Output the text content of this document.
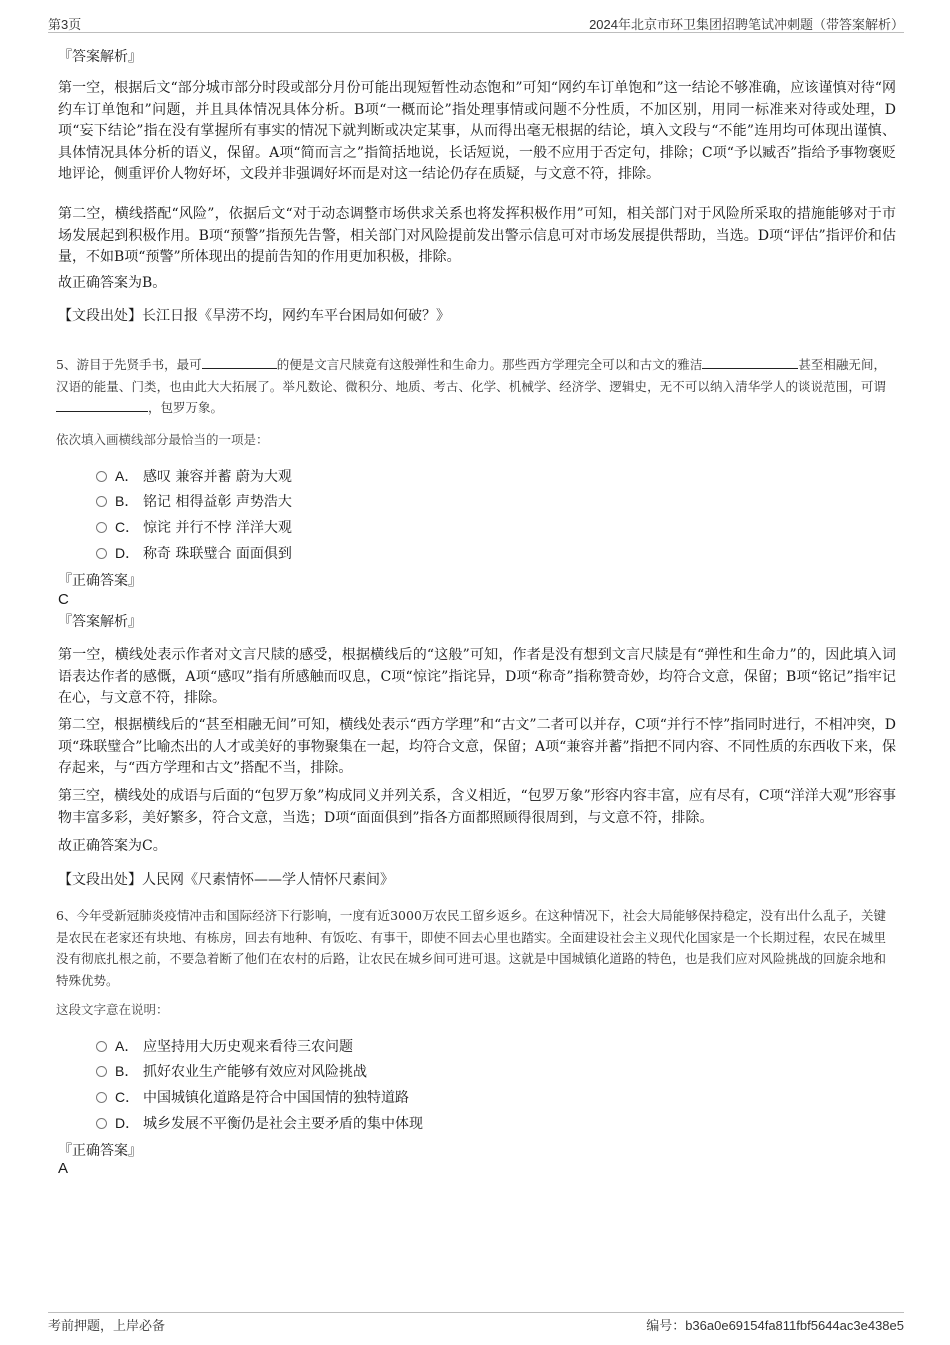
第3页	2024年北京市环卫集团招聘笔试冲刺题（带答案解析）
『答案解析』
第一空，根据后文“部分城市部分时段或部分月份可能出现短暂性动态饱和”可知“网约车订单饱和”这一结论不够准确，应该谨慎对待“网约车订单饱和”问题，并且具体情况具体分析。B项“一概而论”指处理事情或问题不分性质，不加区别，用同一标准来对待或处理，D项“妄下结论”指在没有掌握所有事实的情况下就判断或决定某事，从而得出毫无根据的结论，填入文段与“不能”连用均可体现出谨慎、具体情况具体分析的语义，保留。A项“简而言之”指简括地说，长话短说，一般不应用于否定句，排除；C项“予以臧否”指给予事物褒贬地评论，侧重评价人物好坏，文段并非强调好坏而是对这一结论仍存在质疑，与文意不符，排除。
第二空，横线搭配“风险”，依据后文“对于动态调整市场供求关系也将发挥积极作用”可知，相关部门对于风险所采取的措施能够对于市场发展起到积极作用。B项“预警”指预先告警，相关部门对风险提前发出警示信息可对市场发展提供帮助，当选。D项“评估”指评价和估量，不如B项“预警”所体现出的提前告知的作用更加积极，排除。
故正确答案为B。
【文段出处】长江日报《旱涝不均，网约车平台困局如何破？》
5、游目于先贤手书，最可	的便是文言尺牍竟有这般弹性和生命力。那些西方学理完全可以和古文的雅洁	甚至相融无间，汉语的能量、门类，也由此大大拓展了。举凡数论、微积分、地质、考古、化学、机械学、经济学、逻辑史，无不可以纳入清华学人的谈说范围，可谓，包罗万象。
依次填入画横线部分最恰当的一项是：
A． 感叹 兼容并蓄 蔚为大观
B． 铭记 相得益彰 声势浩大
C． 惊诧 并行不悖 洋洋大观
D． 称奇 珠联璧合 面面俱到
『正确答案』
C
『答案解析』
第一空，横线处表示作者对文言尺牍的感受，根据横线后的“这般”可知，作者是没有想到文言尺牍是有“弹性和生命力”的，因此填入词语表达作者的感慨，A项“感叹”指有所感触而叹息，C项“惊诧”指诧异，D项“称奇”指称赞奇妙，均符合文意，保留；B项“铭记”指牢记在心，与文意不符，排除。
第二空，根据横线后的“甚至相融无间”可知，横线处表示“西方学理”和“古文”二者可以并存，C项“并行不悖”指同时进行，不相冲突，D项“珠联璧合”比喻杰出的人才或美好的事物聚集在一起，均符合文意，保留；A项“兼容并蓄”指把不同内容、不同性质的东西收下来，保存起来，与“西方学理和古文”搭配不当，排除。
第三空，横线处的成语与后面的“包罗万象”构成同义并列关系，含义相近，“包罗万象”形容内容丰富，应有尽有，C项“洋洋大观”形容事物丰富多彩，美好繁多，符合文意，当选；D项“面面俱到”指各方面都照顾得很周到，与文意不符，排除。
故正确答案为C。
【文段出处】人民网《尺素情怀——学人情怀尺素间》
6、今年受新冠肺炎疫情冲击和国际经济下行影响，一度有近3000万农民工留乡返乡。在这种情况下，社会大局能够保持稳定，没有出什么乱子，关键是农民在老家还有块地、有栋房，回去有地种、有饭吃、有事干，即使不回去心里也踏实。全面建设社会主义现代化国家是一个长期过程，农民在城里没有彻底扎根之前，不要急着断了他们在农村的后路，让农民在城乡间可进可退。这就是中国城镇化道路的特色，也是我们应对风险挑战的回旋余地和特殊优势。
这段文字意在说明：
A． 应坚持用大历史观来看待三农问题
B． 抓好农业生产能够有效应对风险挑战
C． 中国城镇化道路是符合中国国情的独特道路
D． 城乡发展不平衡仍是社会主要矛盾的集中体现
『正确答案』
A
考前押题，上岸必备	编号：b36a0e69154fa811fbf5644ac3e438e5
